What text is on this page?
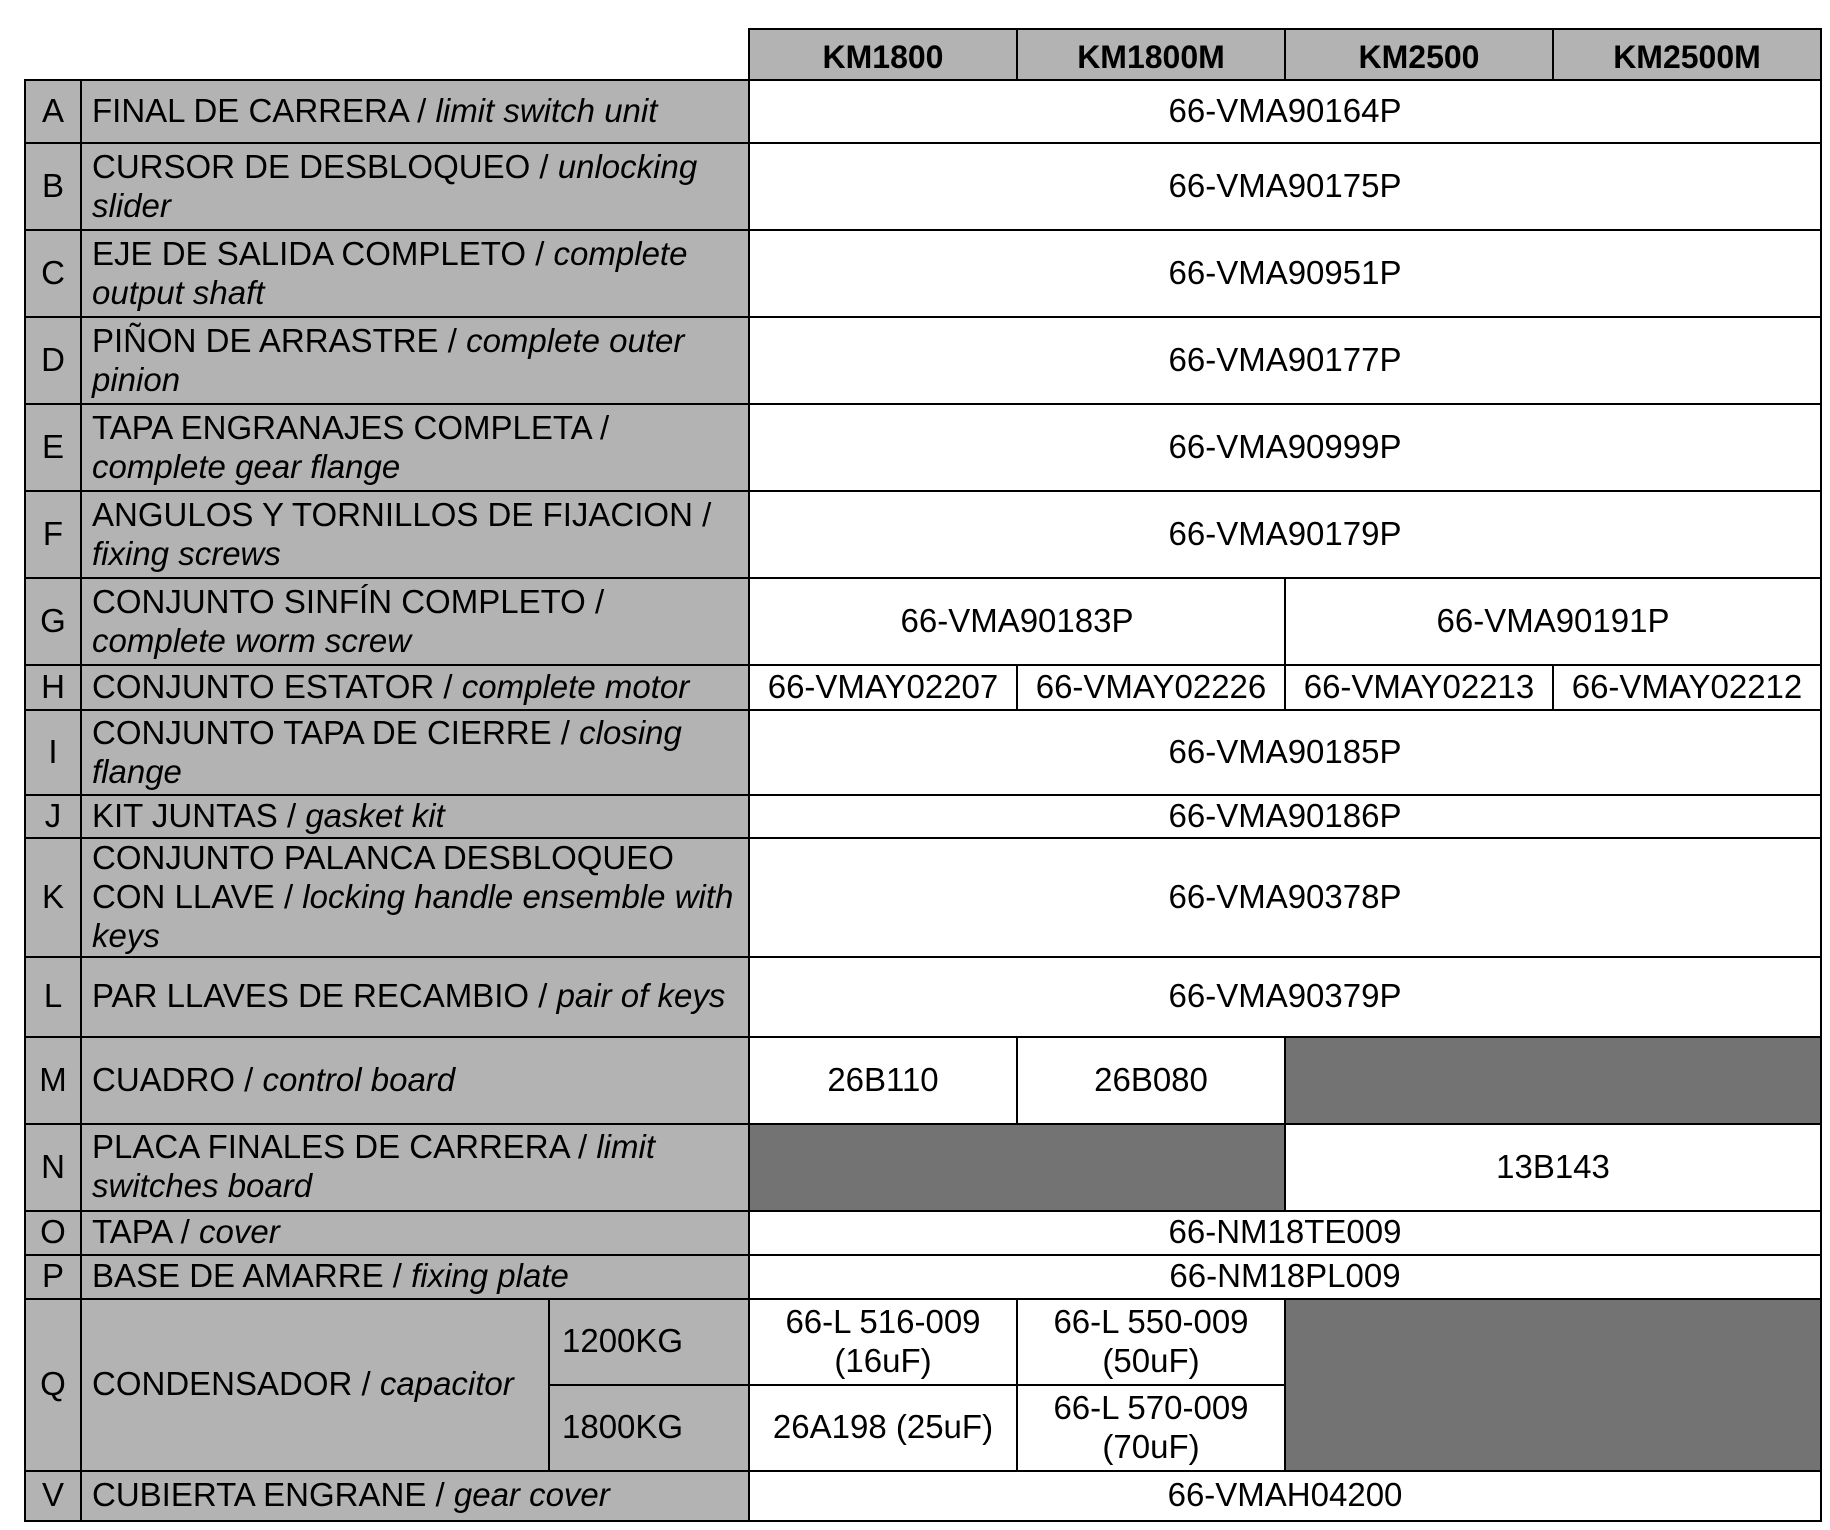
			KM1800	KM1800M	KM2500	KM2500M
A	FINAL DE CARRERA / limit switch unit		66-VMA90164P			
B	CURSOR DE DESBLOQUEO / unlocking slider		66-VMA90175P			
C	EJE DE SALIDA COMPLETO / complete output shaft		66-VMA90951P			
D	PIÑON DE ARRASTRE / complete outer pinion		66-VMA90177P			
E	TAPA ENGRANAJES COMPLETA / complete gear flange		66-VMA90999P			
F	ANGULOS Y TORNILLOS DE FIJACION / fixing screws		66-VMA90179P			
G	CONJUNTO SINFÍN COMPLETO / complete worm screw		66-VMA90183P		66-VMA90191P	
H	CONJUNTO ESTATOR / complete motor		66-VMAY02207	66-VMAY02226	66-VMAY02213	66-VMAY02212
I	CONJUNTO TAPA DE CIERRE / closing flange		66-VMA90185P			
J	KIT JUNTAS / gasket kit		66-VMA90186P			
K	CONJUNTO PALANCA DESBLOQUEO CON LLAVE / locking handle ensemble with keys		66-VMA90378P			
L	PAR LLAVES DE RECAMBIO / pair of keys		66-VMA90379P			
M	CUADRO / control board		26B110	26B080		
N	PLACA FINALES DE CARRERA / limit switches board				13B143	
O	TAPA / cover		66-NM18TE009			
P	BASE DE AMARRE / fixing plate		66-NM18PL009			
Q	CONDENSADOR / capacitor	1200KG	66-L 516-009 (16uF)	66-L 550-009 (50uF)		
		1800KG	26A198 (25uF)	66-L 570-009 (70uF)		
V	CUBIERTA ENGRANE / gear cover		66-VMAH04200			
